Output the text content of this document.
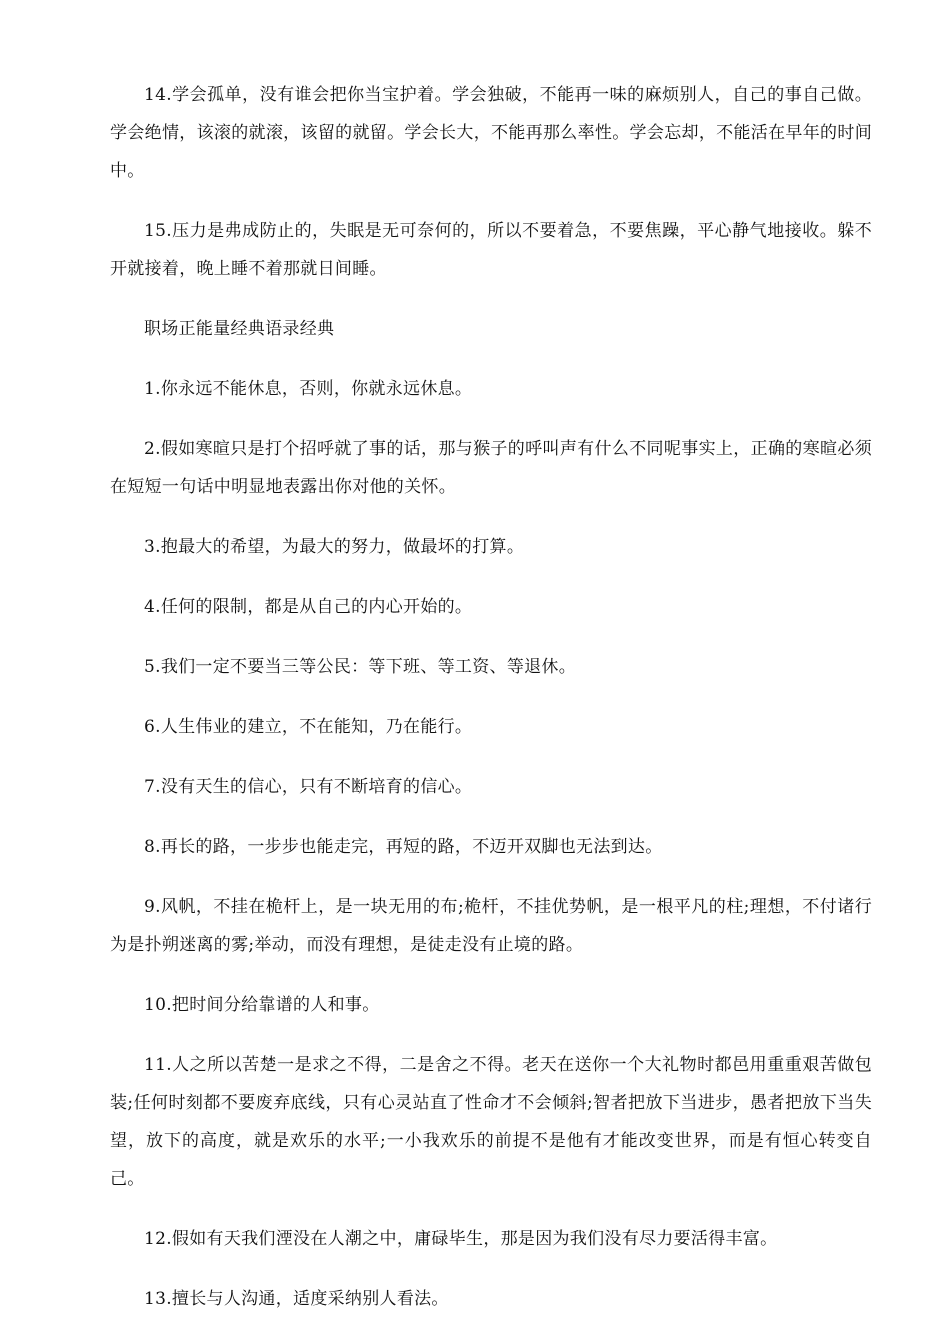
14.学会孤单，没有谁会把你当宝护着。学会独破，不能再一味的麻烦别人，自己的事自己做。学会绝情，该滚的就滚，该留的就留。学会长大，不能再那么率性。学会忘却，不能活在早年的时间中。

15.压力是弗成防止的，失眠是无可奈何的，所以不要着急，不要焦躁，平心静气地接收。躲不开就接着，晚上睡不着那就日间睡。

职场正能量经典语录经典

1.你永远不能休息，否则，你就永远休息。

2.假如寒暄只是打个招呼就了事的话，那与猴子的呼叫声有什么不同呢事实上，正确的寒暄必须在短短一句话中明显地表露出你对他的关怀。

3.抱最大的希望，为最大的努力，做最坏的打算。

4.任何的限制，都是从自己的内心开始的。

5.我们一定不要当三等公民：等下班、等工资、等退休。

6.人生伟业的建立，不在能知，乃在能行。

7.没有天生的信心，只有不断培育的信心。

8.再长的路，一步步也能走完，再短的路，不迈开双脚也无法到达。

9.风帆，不挂在桅杆上，是一块无用的布;桅杆，不挂优势帆，是一根平凡的柱;理想，不付诸行为是扑朔迷离的雾;举动，而没有理想，是徒走没有止境的路。

10.把时间分给靠谱的人和事。

11.人之所以苦楚一是求之不得，二是舍之不得。老天在送你一个大礼物时都邑用重重艰苦做包装;任何时刻都不要废弃底线，只有心灵站直了性命才不会倾斜;智者把放下当进步，愚者把放下当失望，放下的高度，就是欢乐的水平;一小我欢乐的前提不是他有才能改变世界，而是有恒心转变自己。

12.假如有天我们湮没在人潮之中，庸碌毕生，那是因为我们没有尽力要活得丰富。

13.擅长与人沟通，适度采纳别人看法。
